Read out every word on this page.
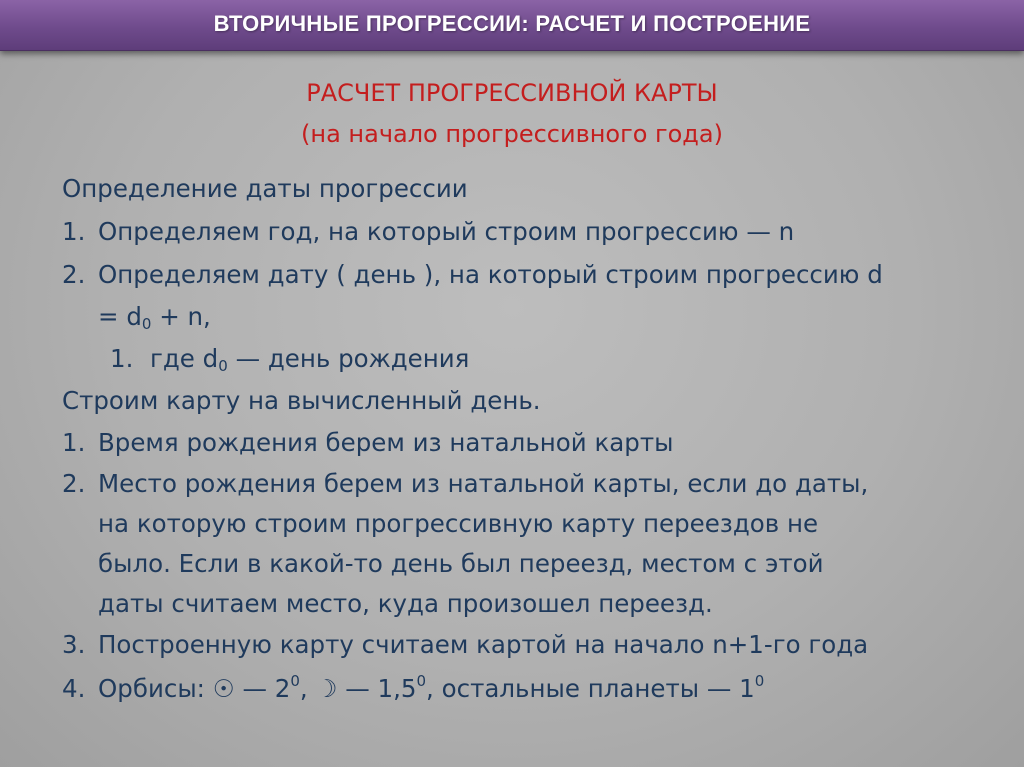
ВТОРИЧНЫЕ ПРОГРЕССИИ: РАСЧЕТ И ПОСТРОЕНИЕ
РАСЧЕТ ПРОГРЕССИВНОЙ КАРТЫ
(на начало прогрессивного года)
Определение даты прогрессии
1. Определяем год, на который строим прогрессию — n
2. Определяем дату ( день ), на который строим прогрессию d
= $d_0 + n$,
1. где $d_0$ — день рождения
Строим карту на вычисленный день.
1. Время рождения берем из натальной карты
2. Место рождения берем из натальной карты, если до даты,
на которую строим прогрессивную карту переездов не
было. Если в какой-то день был переезд, местом с этой
даты считаем место, куда произошел переезд.
3. Построенную карту считаем картой на начало n+1-го года
4. Орбисы: ☉ — $2^0$, ☽ — $1,5^0$, остальные планеты — $1^0$
